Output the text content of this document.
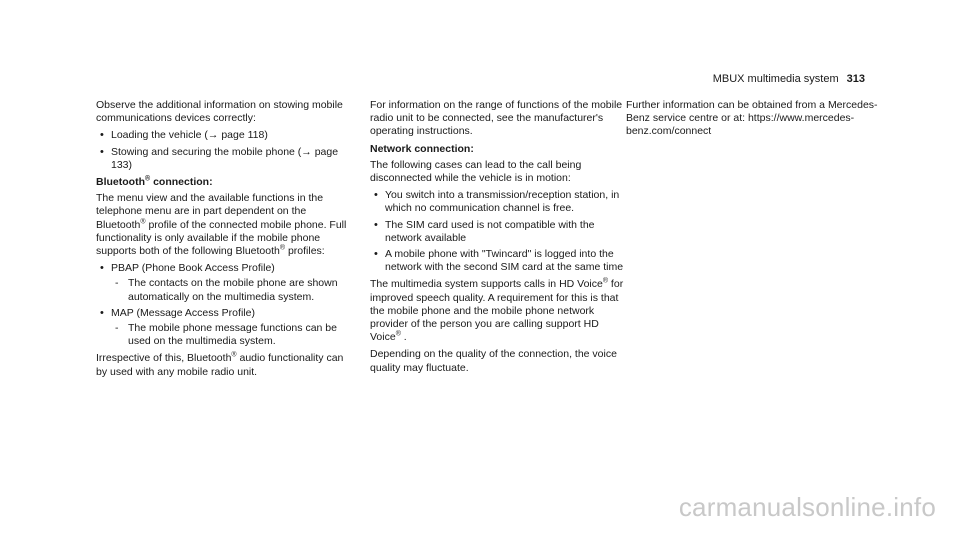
MBUX multimedia system 313

Observe the additional information on stowing mobile communications devices correctly:

• Loading the vehicle (→ page 118)
• Stowing and securing the mobile phone (→ page 133)
Bluetooth® connection:

The menu view and the available functions in the telephone menu are in part dependent on the Bluetooth® profile of the connected mobile phone. Full functionality is only available if the mobile phone supports both of the following Bluetooth® profiles:

• PBAP (Phone Book Access Profile)
- The contacts on the mobile phone are shown automatically on the multimedia system.
• MAP (Message Access Profile)
- The mobile phone message functions can be used on the multimedia system.

Irrespective of this, Bluetooth® audio functionality can by used with any mobile radio unit.

For information on the range of functions of the mobile radio unit to be connected, see the manufacturer's operating instructions.

Network connection:

The following cases can lead to the call being disconnected while the vehicle is in motion:

• You switch into a transmission/reception station, in which no communication channel is free.
• The SIM card used is not compatible with the network available
• A mobile phone with "Twincard" is logged into the network with the second SIM card at the same time

The multimedia system supports calls in HD Voice® for improved speech quality. A requirement for this is that the mobile phone and the mobile phone network provider of the person you are calling support HD Voice® .

Depending on the quality of the connection, the voice quality may fluctuate.

Further information can be obtained from a Mercedes-Benz service centre or at: https://www.mercedes-benz.com/connect

carmanualsonline.info
